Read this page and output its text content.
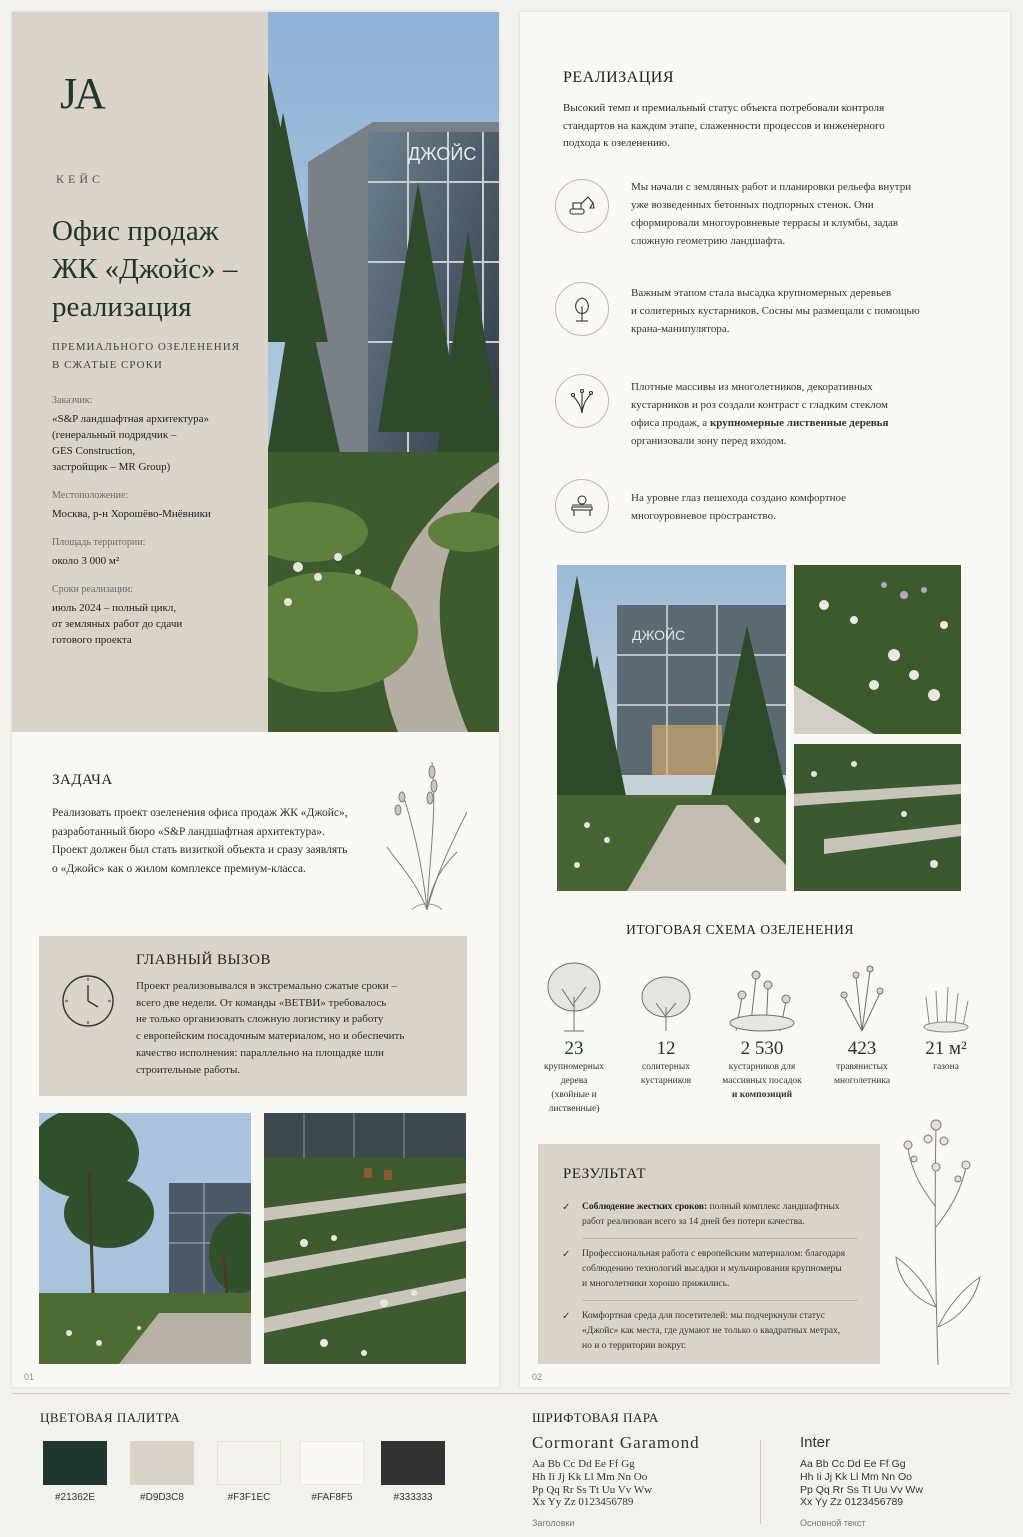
JA
КЕЙС
Офис продаж
ЖК «Джойс» –
реализация
ПРЕМИАЛЬНОГО ОЗЕЛЕНЕНИЯ
В СЖАТЫЕ СРОКИ
Заказчик:
«S&P ландшафтная архитектура»
(генеральный подрядчик –
GES Construction,
застройщик – MR Group)
Местоположение:
Москва, р-н Хорошёво-Мнёвники
Площадь территории:
около 3 000 м²
Сроки реализации:
июль 2024 – полный цикл,
от земляных работ до сдачи
готового проекта
ДЖОЙС
ЗАДАЧА
Реализовать проект озеленения офиса продаж ЖК «Джойс»,
разработанный бюро «S&P ландшафтная архитектура».
Проект должен был стать визиткой объекта и сразу заявлять
о «Джойс» как о жилом комплексе премиум-класса.
ГЛАВНЫЙ ВЫЗОВ
Проект реализовывался в экстремально сжатые сроки –
всего две недели. От команды «ВЕТВИ» требовалось
не только организовать сложную логистику и работу
с европейским посадочным материалом, но и обеспечить
качество исполнения: параллельно на площадке шли
строительные работы.
01
РЕАЛИЗАЦИЯ
Высокий темп и премиальный статус объекта потребовали контроля
стандартов на каждом этапе, слаженности процессов и инженерного
подхода к озеленению.
Мы начали с земляных работ и планировки рельефа внутри
уже возведенных бетонных подпорных стенок. Они
сформировали многоуровневые террасы и клумбы, задав
сложную геометрию ландшафта.
Важным этапом стала высадка крупномерных деревьев
и солитерных кустарников. Сосны мы размещали с помощью
крана-манипулятора.
Плотные массивы из многолетников, декоративных
кустарников и роз создали контраст с гладким стеклом
офиса продаж, а крупномерные лиственные деревья
организовали зону перед входом.
На уровне глаз пешехода создано комфортное
многоуровневое пространство.
ДЖОЙС
ИТОГОВАЯ СХЕМА ОЗЕЛЕНЕНИЯ
23
крупномерных
дерева
(хвойные и
лиственные)
12
солитерных
кустарников
2 530
кустарников для
массивных посадок
и композиций
423
травянистых
многолетника
21 м²
газона
РЕЗУЛЬТАТ
✓	Соблюдение жестких сроков: полный комплекс ландшафтных
работ реализован всего за 14 дней без потери качества.
✓	Профессиональная работа с европейским материалом: благодаря
соблюдению технологий высадки и мульчирования крупномеры
и многолетники хорошо прижились.
✓	Комфортная среда для посетителей: мы подчеркнули статус
«Джойс» как места, где думают не только о квадратных метрах,
но и о территории вокруг.
02
ЦВЕТОВАЯ ПАЛИТРА
#21362E	#D9D3C8	#F3F1EC	#FAF8F5	#333333
ШРИФТОВАЯ ПАРА
Cormorant Garamond
Aa Bb Cc Dd Ee Ff Gg
Hh Ii Jj Kk Ll Mm Nn Oo
Pp Qq Rr Ss Tt Uu Vv Ww
Xx Yy Zz 0123456789
Заголовки
Inter
Aa Bb Cc Dd Ee Ff Gg
Hh Ii Jj Kk Ll Mm Nn Oo
Pp Qq Rr Ss Tt Uu Vv Ww
Xx Yy Zz 0123456789
Основной текст
